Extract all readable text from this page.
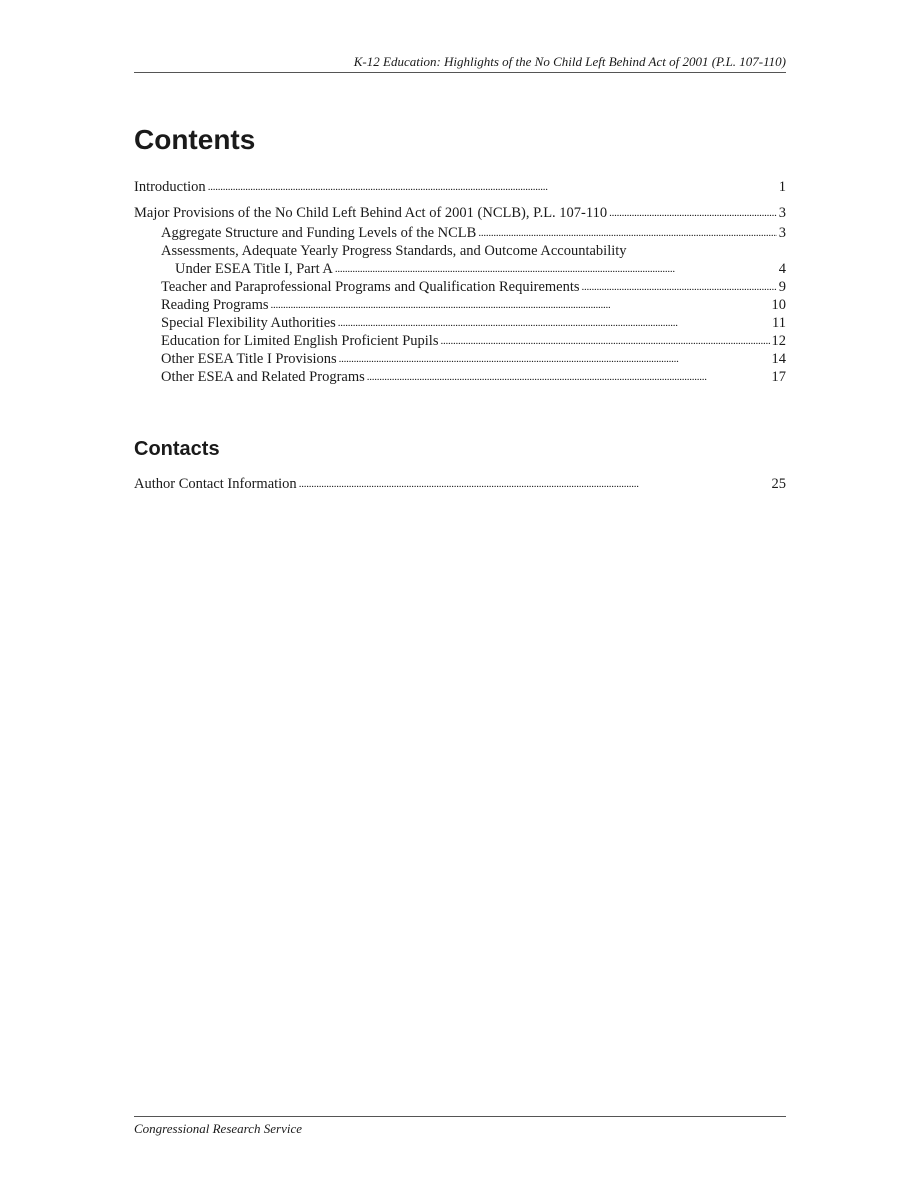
K-12 Education: Highlights of the No Child Left Behind Act of 2001 (P.L. 107-110)
Contents
Introduction . . .	1
Major Provisions of the No Child Left Behind Act of 2001 (NCLB), P.L. 107-110 . . .	3
Aggregate Structure and Funding Levels of the NCLB . . .	3
Assessments, Adequate Yearly Progress Standards, and Outcome Accountability
Under ESEA Title I, Part A . . .	4
Teacher and Paraprofessional Programs and Qualification Requirements . . .	9
Reading Programs . . .	10
Special Flexibility Authorities . . .	11
Education for Limited English Proficient Pupils . . .	12
Other ESEA Title I Provisions . . .	14
Other ESEA and Related Programs . . .	17
Contacts
Author Contact Information . . .	25
Congressional Research Service
